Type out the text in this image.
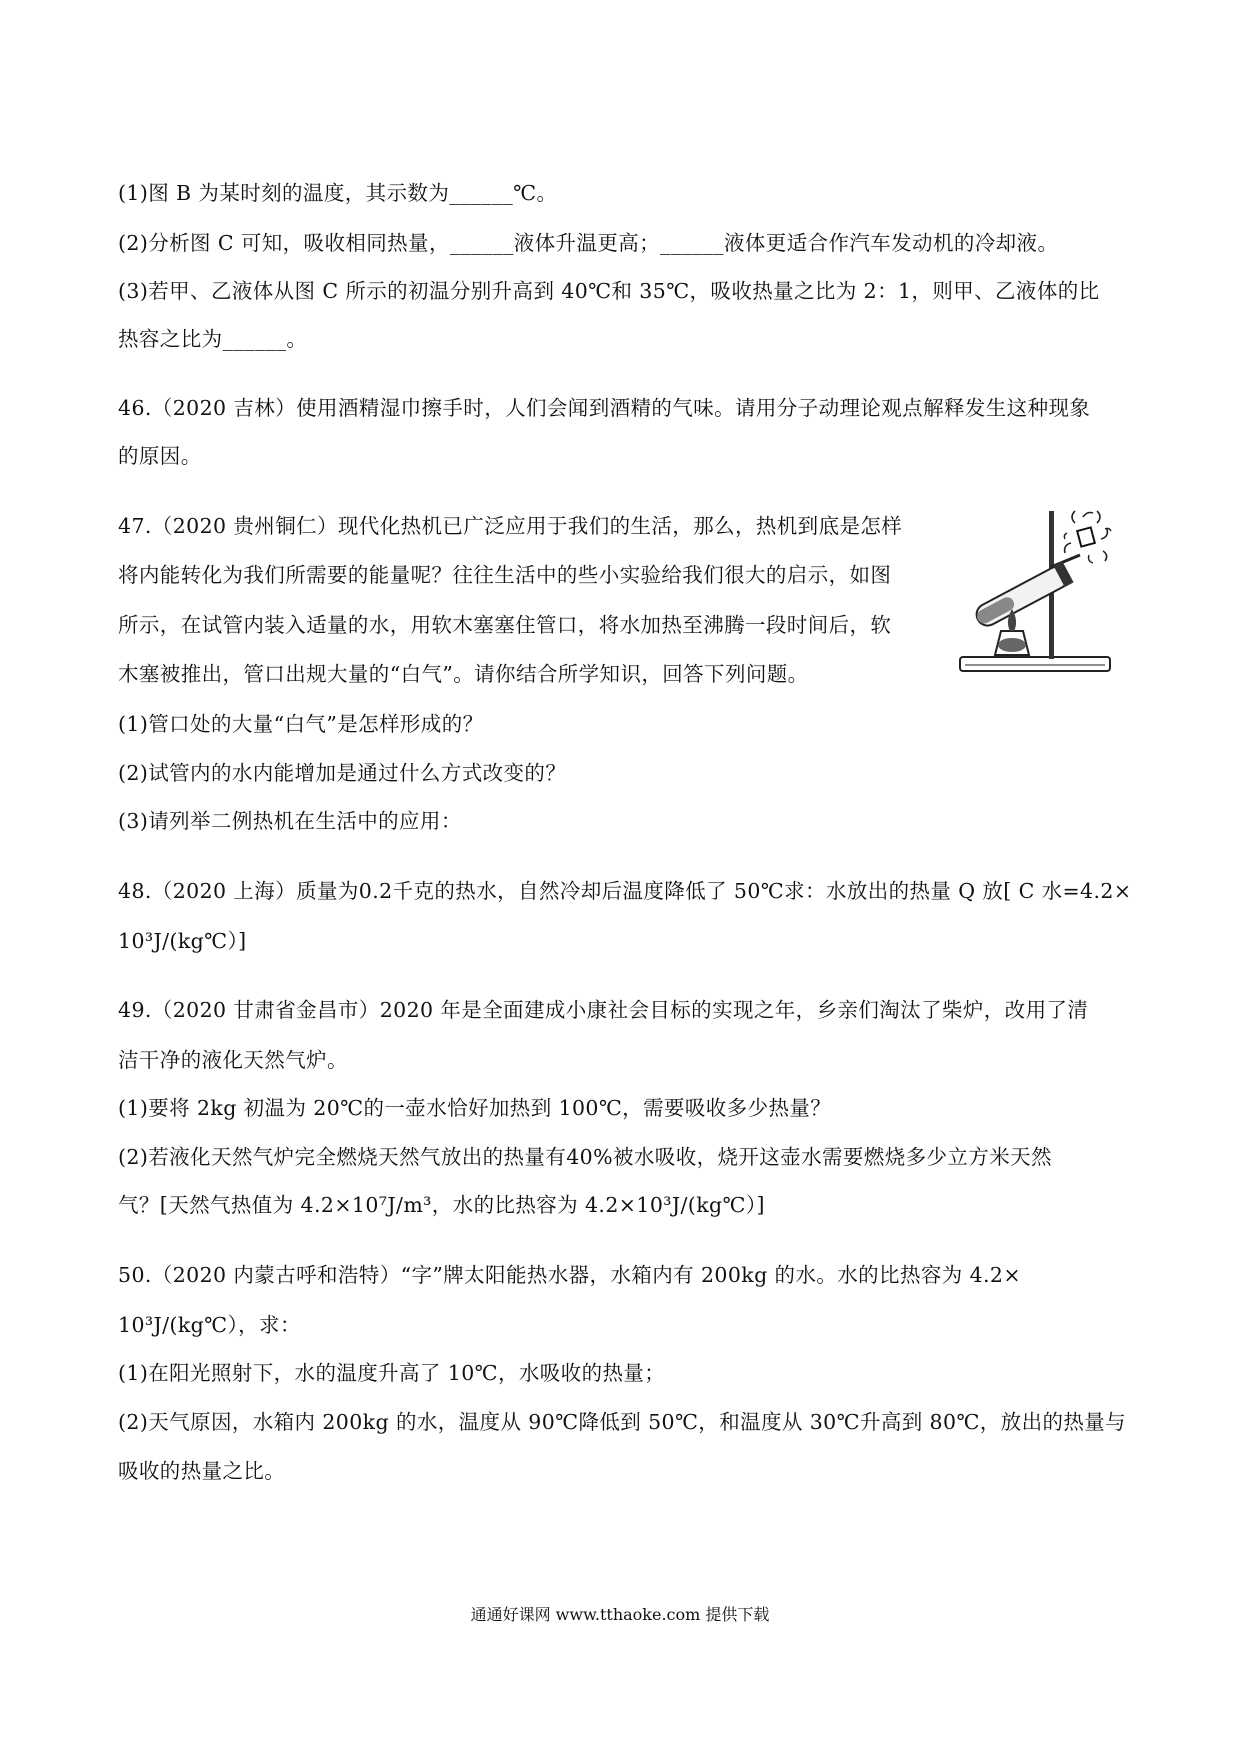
(1)图 B 为某时刻的温度，其示数为______℃。
(2)分析图 C 可知，吸收相同热量，______液体升温更高；______液体更适合作汽车发动机的冷却液。
(3)若甲、乙液体从图 C 所示的初温分别升高到 40℃和 35℃，吸收热量之比为 2：1，则甲、乙液体的比
热容之比为______。
46.（2020 吉林）使用酒精湿巾擦手时，人们会闻到酒精的气味。请用分子动理论观点解释发生这种现象
的原因。
47.（2020 贵州铜仁）现代化热机已广泛应用于我们的生活，那么，热机到底是怎样
将内能转化为我们所需要的能量呢？往往生活中的些小实验给我们很大的启示，如图
所示，在试管内装入适量的水，用软木塞塞住管口，将水加热至沸腾一段时间后，软
木塞被推出，管口出规大量的“白气”。请你结合所学知识，回答下列问题。
(1)管口处的大量“白气”是怎样形成的？
(2)试管内的水内能增加是通过什么方式改变的？
(3)请列举二例热机在生活中的应用：
48.（2020 上海）质量为0.2千克的热水，自然冷却后温度降低了 50℃求：水放出的热量 Q 放[ C 水=4.2×
10³J/(kg℃）]
49.（2020 甘肃省金昌市）2020 年是全面建成小康社会目标的实现之年，乡亲们淘汰了柴炉，改用了清
洁干净的液化天然气炉。
(1)要将 2kg 初温为 20℃的一壶水恰好加热到 100℃，需要吸收多少热量？
(2)若液化天然气炉完全燃烧天然气放出的热量有40%被水吸收，烧开这壶水需要燃烧多少立方米天然
气？[天然气热值为 4.2×10⁷J/m³，水的比热容为 4.2×10³J/(kg℃）]
50.（2020 内蒙古呼和浩特）“字”牌太阳能热水器，水箱内有 200kg 的水。水的比热容为 4.2×
10³J/(kg℃），求：
(1)在阳光照射下，水的温度升高了 10℃，水吸收的热量；
(2)天气原因，水箱内 200kg 的水，温度从 90℃降低到 50℃，和温度从 30℃升高到 80℃，放出的热量与
吸收的热量之比。
通通好课网 www.tthaoke.com 提供下载
